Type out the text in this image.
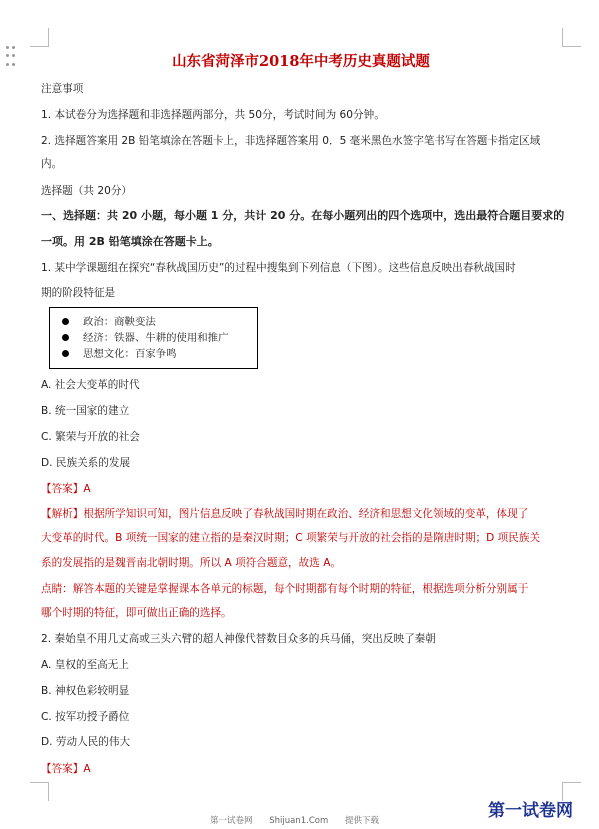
山东省菏泽市2018年中考历史真题试题
注意事项
1. 本试卷分为选择题和非选择题两部分，共 50分，考试时间为 60分钟。
2. 选择题答案用 2B 铅笔填涂在答题卡上，非选择题答案用 0．5 毫米黑色水签字笔书写在答题卡指定区域
内。
选择题（共 20分）
一、选择题：共 20 小题，每小题 1 分，共计 20 分。在每小题列出的四个选项中，选出最符合题目要求的
一项。用 2B 铅笔填涂在答题卡上。
1. 某中学课题组在探究“春秋战国历史”的过程中搜集到下列信息（下图）。这些信息反映出春秋战国时
期的阶段特征是
政治：商鞅变法
经济：铁器、牛耕的使用和推广
思想文化：百家争鸣
A. 社会大变革的时代
B. 统一国家的建立
C. 繁荣与开放的社会
D. 民族关系的发展
【答案】A
【解析】根据所学知识可知，图片信息反映了春秋战国时期在政治、经济和思想文化领域的变革，体现了
大变革的时代。B 项统一国家的建立指的是秦汉时期；C 项繁荣与开放的社会指的是隋唐时期；D 项民族关
系的发展指的是魏晋南北朝时期。所以 A 项符合题意，故选 A。
点睛：解答本题的关键是掌握课本各单元的标题，每个时期都有每个时期的特征，根据选项分析分别属于
哪个时期的特征，即可做出正确的选择。
2. 秦始皇不用几丈高或三头六臂的超人神像代替数目众多的兵马俑，突出反映了秦朝
A. 皇权的至高无上
B. 神权色彩较明显
C. 按军功授予爵位
D. 劳动人民的伟大
【答案】A
第一试卷网
第一试卷网 Shijuan1.Com 提供下载
